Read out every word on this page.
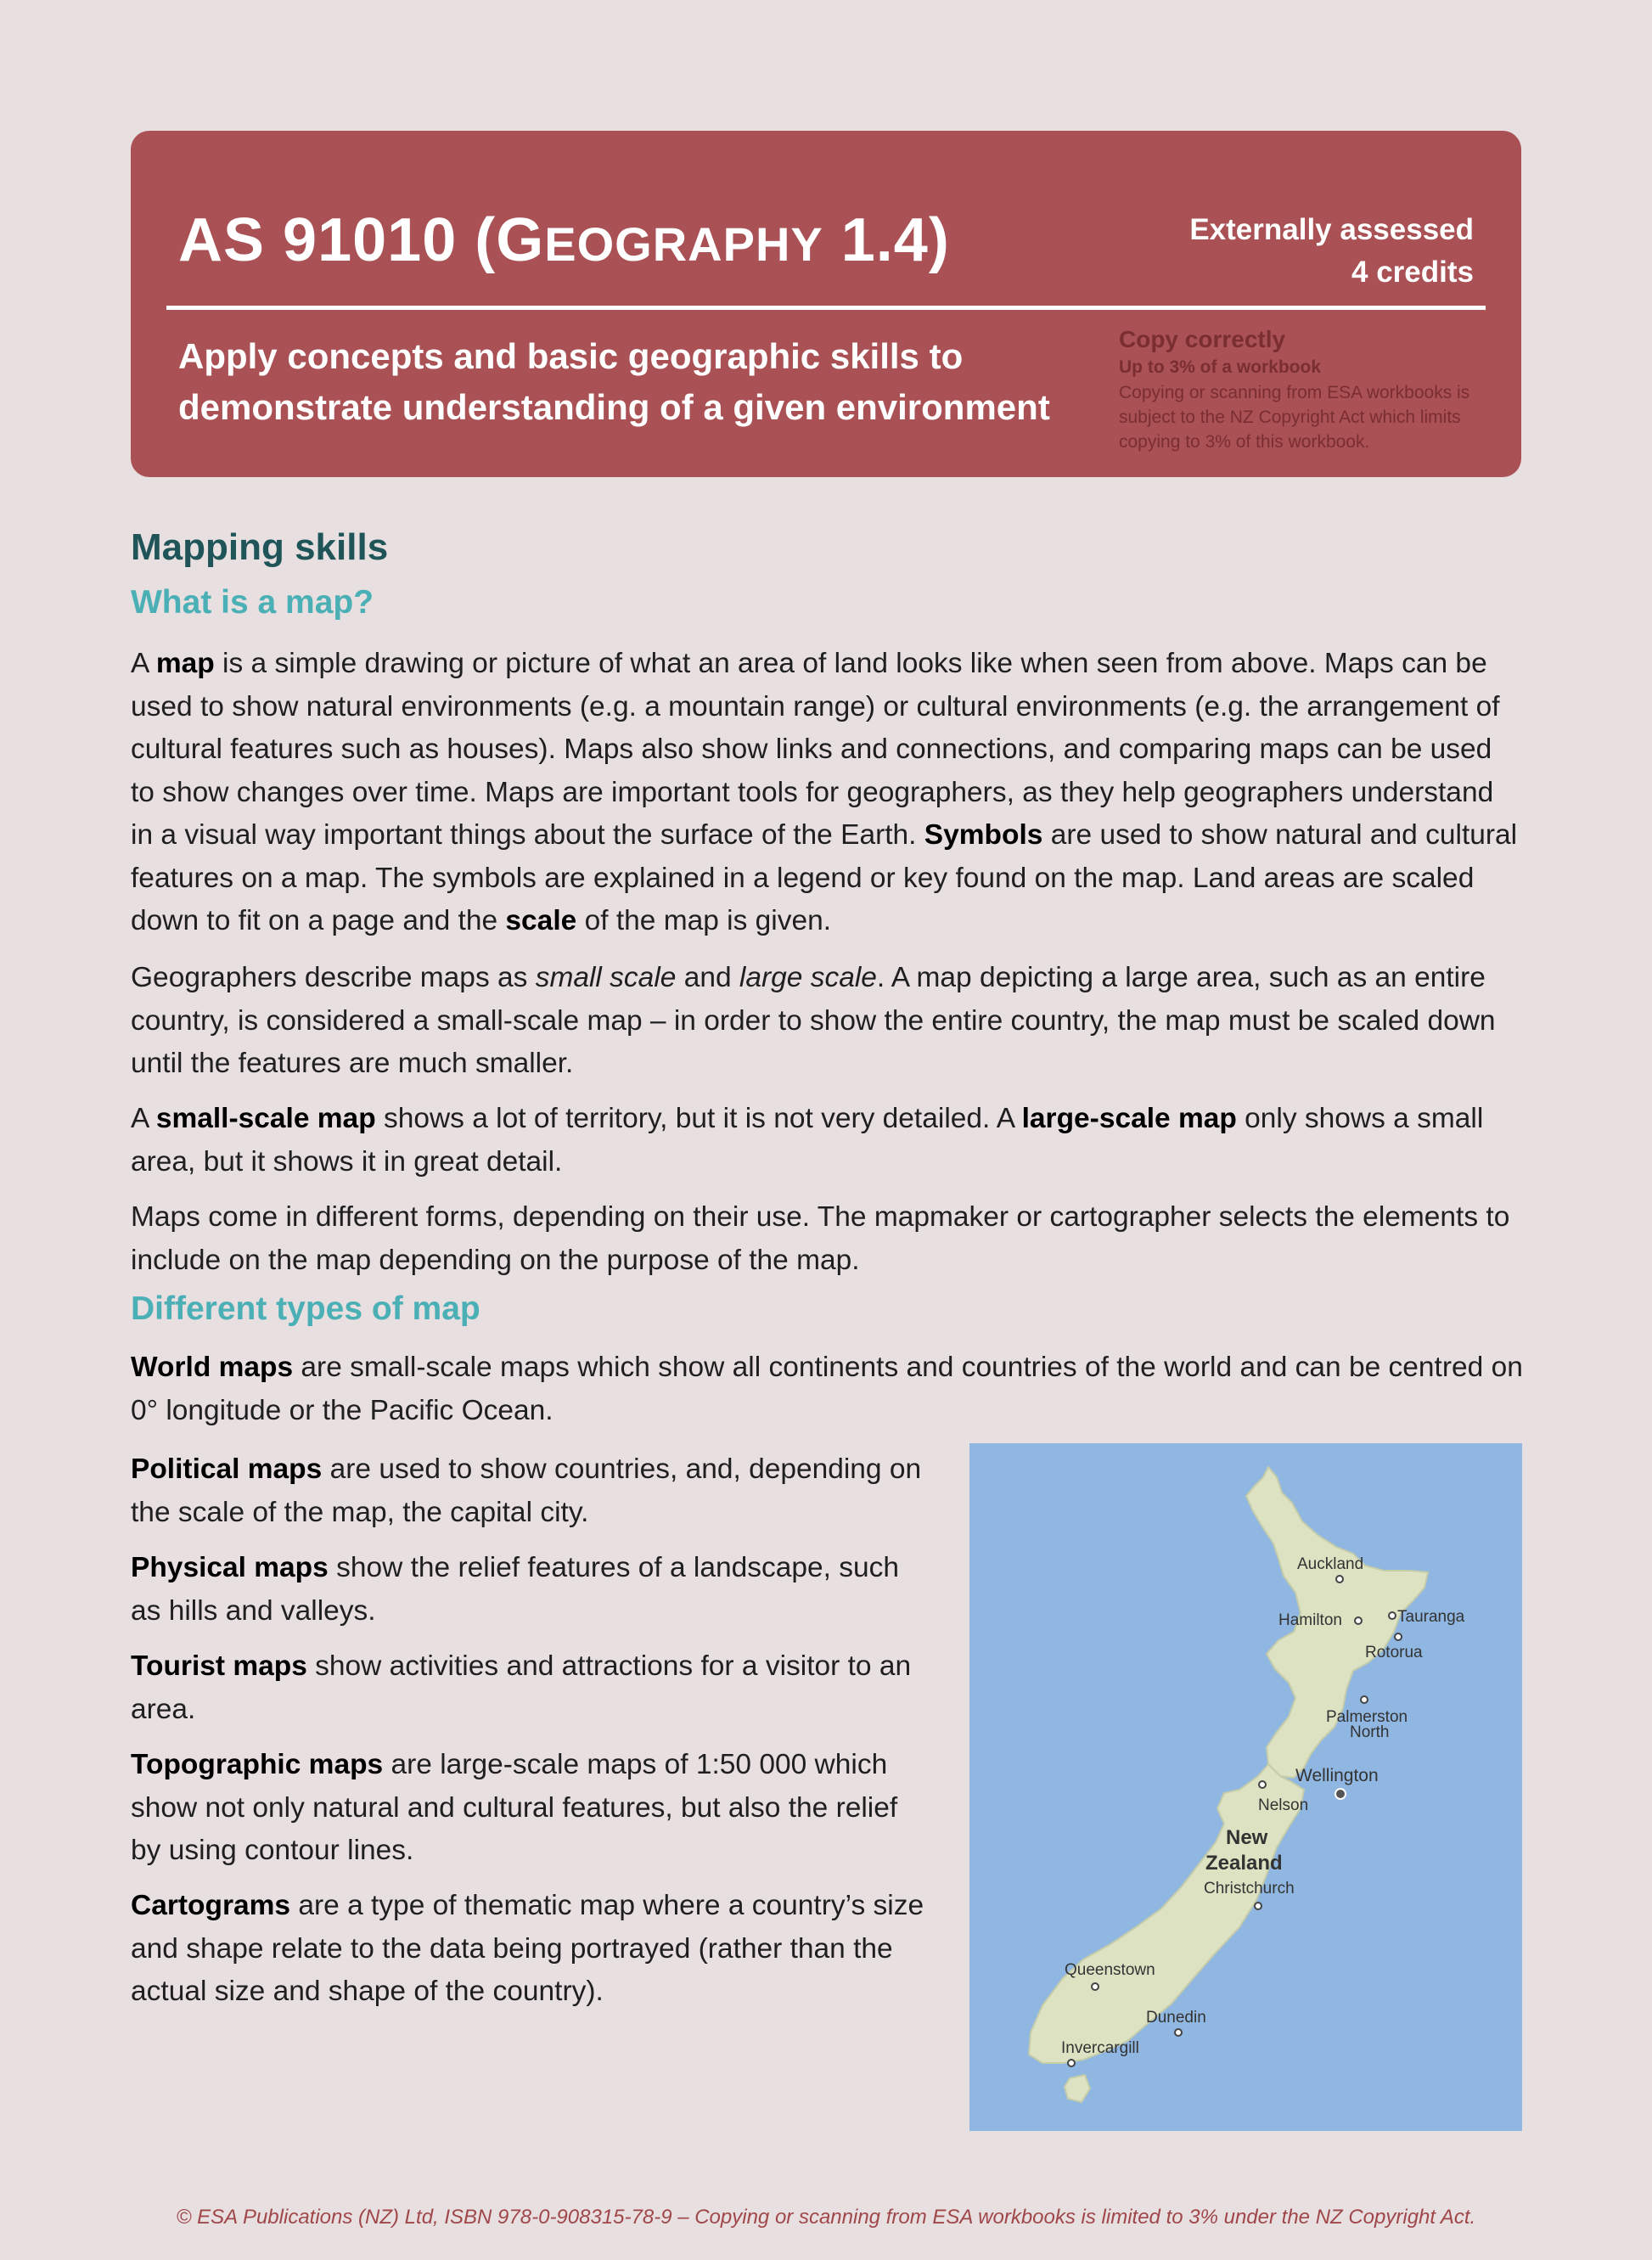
AS 91010 (GEOGRAPHY 1.4)	Externally assessed
4 credits
Apply concepts and basic geographic skills to
demonstrate understanding of a given environment
Copy correctly
Up to 3% of a workbook
Copying or scanning from ESA workbooks is subject to the NZ Copyright Act which limits copying to 3% of this workbook.
Mapping skills
What is a map?
A map is a simple drawing or picture of what an area of land looks like when seen from above. Maps can be used to show natural environments (e.g. a mountain range) or cultural environments (e.g. the arrangement of cultural features such as houses). Maps also show links and connections, and comparing maps can be used to show changes over time. Maps are important tools for geographers, as they help geographers understand in a visual way important things about the surface of the Earth. Symbols are used to show natural and cultural features on a map. The symbols are explained in a legend or key found on the map. Land areas are scaled down to fit on a page and the scale of the map is given.
Geographers describe maps as small scale and large scale. A map depicting a large area, such as an entire country, is considered a small-scale map – in order to show the entire country, the map must be scaled down until the features are much smaller.
A small-scale map shows a lot of territory, but it is not very detailed. A large-scale map only shows a small area, but it shows it in great detail.
Maps come in different forms, depending on their use. The mapmaker or cartographer selects the elements to include on the map depending on the purpose of the map.
Different types of map
World maps are small-scale maps which show all continents and countries of the world and can be centred on 0° longitude or the Pacific Ocean.
Political maps are used to show countries, and, depending on the scale of the map, the capital city.
Physical maps show the relief features of a landscape, such as hills and valleys.
Tourist maps show activities and attractions for a visitor to an area.
Topographic maps are large-scale maps of 1:50 000 which show not only natural and cultural features, but also the relief by using contour lines.
Cartograms are a type of thematic map where a country’s size and shape relate to the data being portrayed (rather than the actual size and shape of the country).
Auckland
Hamilton	Tauranga
Rotorua
Palmerston
North
Wellington
Nelson
New
Zealand
Christchurch
Queenstown
Dunedin
Invercargill
© ESA Publications (NZ) Ltd, ISBN 978-0-908315-78-9 – Copying or scanning from ESA workbooks is limited to 3% under the NZ Copyright Act.
